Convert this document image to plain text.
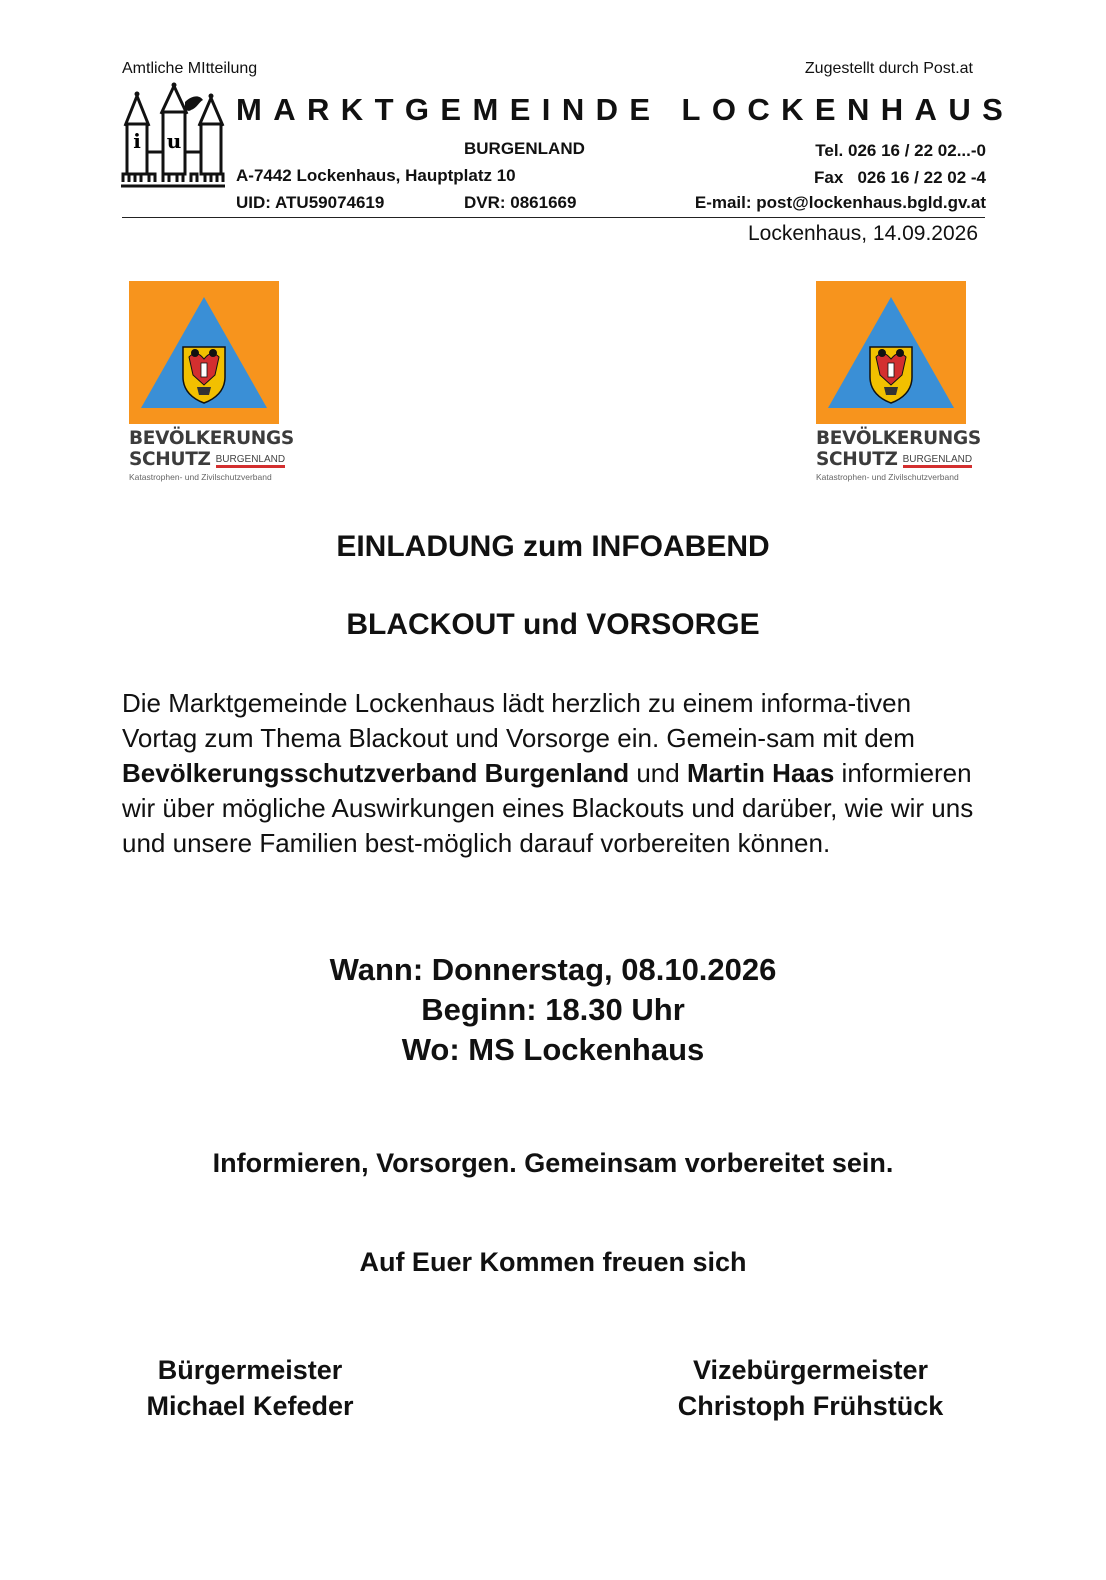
Amtliche MItteilung	Zugestellt durch Post.at
i u
MARKTGEMEINDE LOCKENHAUS
BURGENLAND
A-7442 Lockenhaus, Hauptplatz 10
UID: ATU59074619	DVR: 0861669
Tel. 026 16 / 22 02...-0
Fax   026 16 / 22 02 -4
E-mail: post@lockenhaus.bgld.gv.at
Lockenhaus, 14.09.2026
BEVÖLKERUNGS
SCHUTZ BURGENLAND
Katastrophen- und Zivilschutzverband
BEVÖLKERUNGS
SCHUTZ BURGENLAND
Katastrophen- und Zivilschutzverband
EINLADUNG zum INFOABEND
BLACKOUT und VORSORGE
Die Marktgemeinde Lockenhaus lädt herzlich zu einem informa-tiven Vortag zum Thema Blackout und Vorsorge ein. Gemein-sam mit dem Bevölkerungsschutzverband Burgenland und Martin Haas informieren wir über mögliche Auswirkungen eines Blackouts und darüber, wie wir uns und unsere Familien best-möglich darauf vorbereiten können.
Wann: Donnerstag, 08.10.2026
Beginn: 18.30 Uhr
Wo: MS Lockenhaus
Informieren, Vorsorgen. Gemeinsam vorbereitet sein.
Auf Euer Kommen freuen sich
Bürgermeister
Michael Kefeder
Vizebürgermeister
Christoph Frühstück
